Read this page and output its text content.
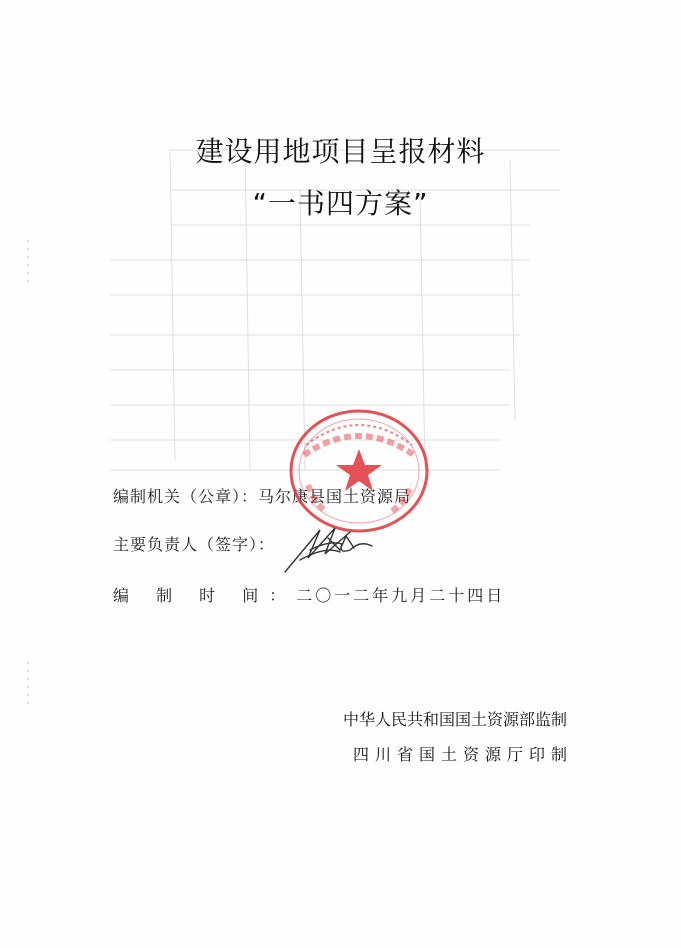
建设用地项目呈报材料
“一书四方案”
编制机关（公章）：马尔康县国土资源局
主要负责人（签字）：
编 制 时 间：二〇一二年九月二十四日
中华人民共和国国土资源部监制
四川省国土资源厅印制
